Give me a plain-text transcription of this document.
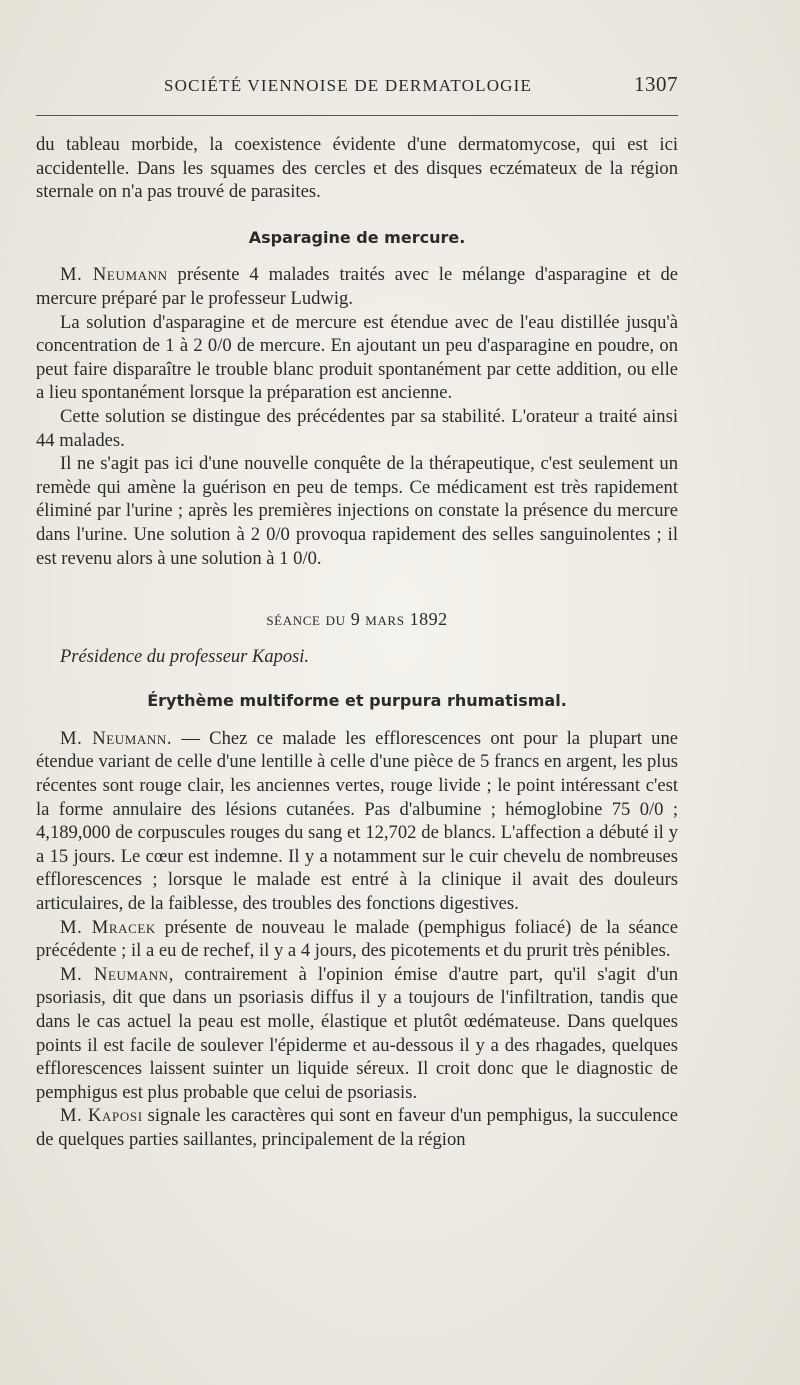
SOCIÉTÉ VIENNOISE DE DERMATOLOGIE	1307

du tableau morbide, la coexistence évidente d'une dermatomycose, qui est ici accidentelle. Dans les squames des cercles et des disques eczémateux de la région sternale on n'a pas trouvé de parasites.

Asparagine de mercure.

M. Neumann présente 4 malades traités avec le mélange d'asparagine et de mercure préparé par le professeur Ludwig.

La solution d'asparagine et de mercure est étendue avec de l'eau distillée jusqu'à concentration de 1 à 2 0/0 de mercure. En ajoutant un peu d'asparagine en poudre, on peut faire disparaître le trouble blanc produit spontanément par cette addition, ou elle a lieu spontanément lorsque la préparation est ancienne.

Cette solution se distingue des précédentes par sa stabilité. L'orateur a traité ainsi 44 malades.

Il ne s'agit pas ici d'une nouvelle conquête de la thérapeutique, c'est seulement un remède qui amène la guérison en peu de temps. Ce médicament est très rapidement éliminé par l'urine ; après les premières injections on constate la présence du mercure dans l'urine. Une solution à 2 0/0 provoqua rapidement des selles sanguinolentes ; il est revenu alors à une solution à 1 0/0.

séance du 9 mars 1892

Présidence du professeur Kaposi.

Érythème multiforme et purpura rhumatismal.

M. Neumann. — Chez ce malade les efflorescences ont pour la plupart une étendue variant de celle d'une lentille à celle d'une pièce de 5 francs en argent, les plus récentes sont rouge clair, les anciennes vertes, rouge livide ; le point intéressant c'est la forme annulaire des lésions cutanées. Pas d'albumine ; hémoglobine 75 0/0 ; 4,189,000 de corpuscules rouges du sang et 12,702 de blancs. L'affection a débuté il y a 15 jours. Le cœur est indemne. Il y a notamment sur le cuir chevelu de nombreuses efflorescences ; lorsque le malade est entré à la clinique il avait des douleurs articulaires, de la faiblesse, des troubles des fonctions digestives.

M. Mracek présente de nouveau le malade (pemphigus foliacé) de la séance précédente ; il a eu de rechef, il y a 4 jours, des picotements et du prurit très pénibles.

M. Neumann, contrairement à l'opinion émise d'autre part, qu'il s'agit d'un psoriasis, dit que dans un psoriasis diffus il y a toujours de l'infiltration, tandis que dans le cas actuel la peau est molle, élastique et plutôt œdémateuse. Dans quelques points il est facile de soulever l'épiderme et au-dessous il y a des rhagades, quelques efflorescences laissent suinter un liquide séreux. Il croit donc que le diagnostic de pemphigus est plus probable que celui de psoriasis.

M. Kaposi signale les caractères qui sont en faveur d'un pemphigus, la succulence de quelques parties saillantes, principalement de la région
